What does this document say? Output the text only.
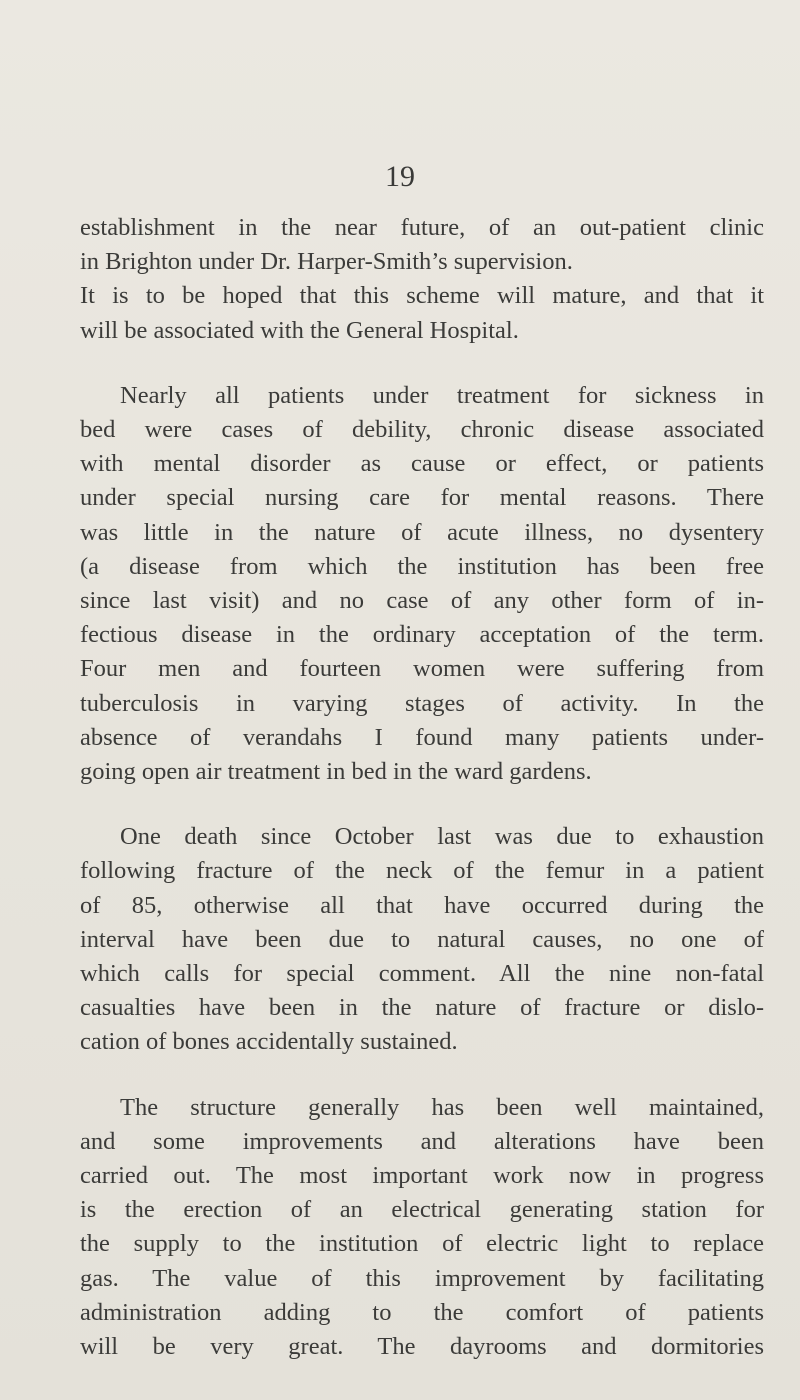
19
establishment in the near future, of an out-patient clinic
in Brighton under Dr. Harper-Smith’s supervision.
It is to be hoped that this scheme will mature, and that it
will be associated with the General Hospital.
Nearly all patients under treatment for sickness in
bed were cases of debility, chronic disease associated
with mental disorder as cause or effect, or patients
under special nursing care for mental reasons. There
was little in the nature of acute illness, no dysentery
(a disease from which the institution has been free
since last visit) and no case of any other form of in-
fectious disease in the ordinary acceptation of the term.
Four men and fourteen women were suffering from
tuberculosis in varying stages of activity. In the
absence of verandahs I found many patients under-
going open air treatment in bed in the ward gardens.
One death since October last was due to exhaustion
following fracture of the neck of the femur in a patient
of 85, otherwise all that have occurred during the
interval have been due to natural causes, no one of
which calls for special comment. All the nine non-fatal
casualties have been in the nature of fracture or dislo-
cation of bones accidentally sustained.
The structure generally has been well maintained,
and some improvements and alterations have been
carried out. The most important work now in progress
is the erection of an electrical generating station for
the supply to the institution of electric light to replace
gas. The value of this improvement by facilitating
administration adding to the comfort of patients
will be very great. The dayrooms and dormitories
